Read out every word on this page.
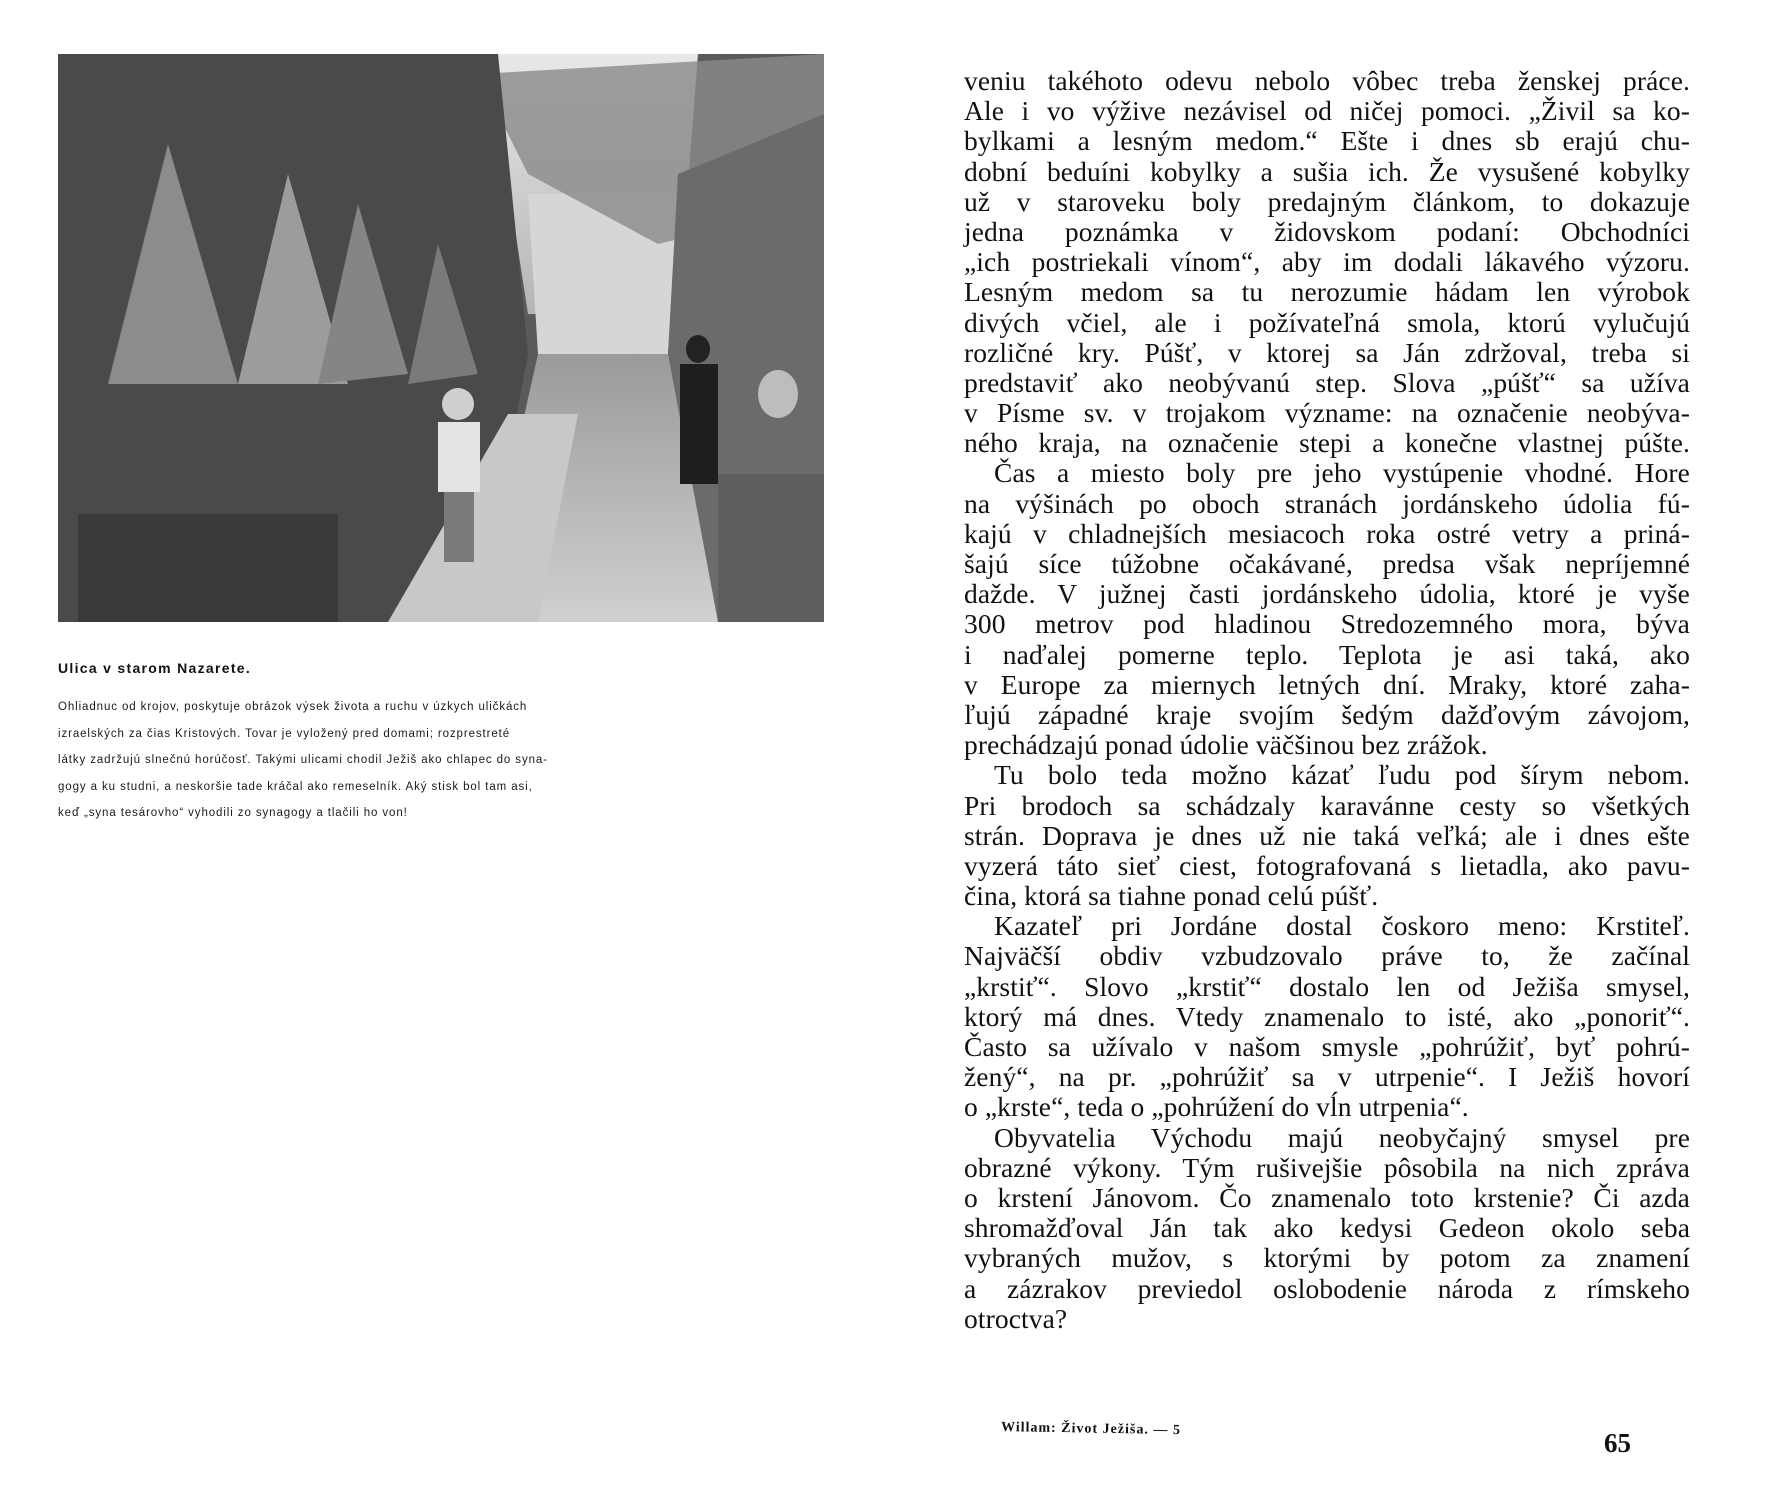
Ulica v starom Nazarete.
Ohliadnuc od krojov, poskytuje obrázok výsek života a ruchu v úzkych uličkách
izraelských za čias Kristových. Tovar je vyložený pred domami; rozprestreté
látky zadržujú slnečnú horúčosť. Takými ulicami chodil Ježiš ako chlapec do syna-
gogy a ku studni, a neskoršie tade kráčal ako remeselník. Aký stisk bol tam asi,
keď „syna tesárovho“ vyhodili zo synagogy a tlačili ho von!
veniu takéhoto odevu nebolo vôbec treba ženskej práce.
Ale i vo výžive nezávisel od ničej pomoci. „Živil sa ko-
bylkami a lesným medom.“ Ešte i dnes sb erajú chu-
dobní beduíni kobylky a sušia ich. Že vysušené kobylky
už v staroveku boly predajným článkom, to dokazuje
jedna poznámka v židovskom podaní: Obchodníci
„ich postriekali vínom“, aby im dodali lákavého výzoru.
Lesným medom sa tu nerozumie hádam len výrobok
divých včiel, ale i požívateľná smola, ktorú vylučujú
rozličné kry. Púšť, v ktorej sa Ján zdržoval, treba si
predstaviť ako neobývanú step. Slova „púšť“ sa užíva
v Písme sv. v trojakom význame: na označenie neobýva-
ného kraja, na označenie stepi a konečne vlastnej púšte.
Čas a miesto boly pre jeho vystúpenie vhodné. Hore
na výšinách po oboch stranách jordánskeho údolia fú-
kajú v chladnejších mesiacoch roka ostré vetry a priná-
šajú síce túžobne očakávané, predsa však nepríjemné
dažde. V južnej časti jordánskeho údolia, ktoré je vyše
300 metrov pod hladinou Stredozemného mora, býva
i naďalej pomerne teplo. Teplota je asi taká, ako
v Europe za miernych letných dní. Mraky, ktoré zaha-
ľujú západné kraje svojím šedým dažďovým závojom,
prechádzajú ponad údolie väčšinou bez zrážok.
Tu bolo teda možno kázať ľudu pod šírym nebom.
Pri brodoch sa schádzaly karavánne cesty so všetkých
strán. Doprava je dnes už nie taká veľká; ale i dnes ešte
vyzerá táto sieť ciest, fotografovaná s lietadla, ako pavu-
čina, ktorá sa tiahne ponad celú púšť.
Kazateľ pri Jordáne dostal čoskoro meno: Krstiteľ.
Najväčší obdiv vzbudzovalo práve to, že začínal
„krstiť“. Slovo „krstiť“ dostalo len od Ježiša smysel,
ktorý má dnes. Vtedy znamenalo to isté, ako „ponoriť“.
Často sa užívalo v našom smysle „pohrúžiť, byť pohrú-
žený“, na pr. „pohrúžiť sa v utrpenie“. I Ježiš hovorí
o „krste“, teda o „pohrúžení do vĺn utrpenia“.
Obyvatelia Východu majú neobyčajný smysel pre
obrazné výkony. Tým rušivejšie pôsobila na nich zpráva
o krstení Jánovom. Čo znamenalo toto krstenie? Či azda
shromažďoval Ján tak ako kedysi Gedeon okolo seba
vybraných mužov, s ktorými by potom za znamení
a zázrakov previedol oslobodenie národa z rímskeho
otroctva?
Willam: Život Ježiša. — 5	65
